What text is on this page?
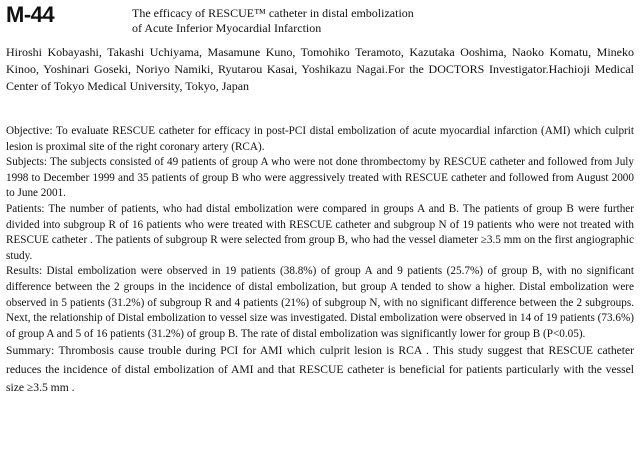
M-44	The efficacy of RESCUE™ catheter in distal embolization
of Acute Inferior Myocardial Infarction
Hiroshi Kobayashi, Takashi Uchiyama, Masamune Kuno, Tomohiko Teramoto, Kazutaka Ooshima, Naoko Komatu, Mineko Kinoo, Yoshinari Goseki, Noriyo Namiki, Ryutarou Kasai, Yoshikazu Nagai.For the DOCTORS Investigator.Hachioji Medical Center of Tokyo Medical University, Tokyo, Japan

Objective: To evaluate RESCUE catheter for efficacy in post-PCI distal embolization of acute myocardial infarction (AMI) which culprit lesion is proximal site of the right coronary artery (RCA).

Subjects: The subjects consisted of 49 patients of group A who were not done thrombectomy by RESCUE catheter and followed from July 1998 to December 1999 and 35 patients of group B who were aggressively treated with RESCUE catheter and followed from August 2000 to June 2001.

Patients: The number of patients, who had distal embolization were compared in groups A and B. The patients of group B were further divided into subgroup R of 16 patients who were treated with RESCUE catheter and subgroup N of 19 patients who were not treated with RESCUE catheter . The patients of subgroup R were selected from group B, who had the vessel diameter ≥3.5 mm on the first angiographic study.

Results: Distal embolization were observed in 19 patients (38.8%) of group A and 9 patients (25.7%) of group B, with no significant difference between the 2 groups in the incidence of distal embolization, but group A tended to show a higher. Distal embolization were observed in 5 patients (31.2%) of subgroup R and 4 patients (21%) of subgroup N, with no significant difference between the 2 subgroups. Next, the relationship of Distal embolization to vessel size was investigated. Distal embolization were observed in 14 of 19 patients (73.6%) of group A and 5 of 16 patients (31.2%) of group B. The rate of distal embolization was significantly lower for group B (P<0.05).

Summary: Thrombosis cause trouble during PCI for AMI which culprit lesion is RCA . This study suggest that RESCUE catheter reduces the incidence of distal embolization of AMI and that RESCUE catheter is beneficial for patients particularly with the vessel size ≥3.5 mm .
